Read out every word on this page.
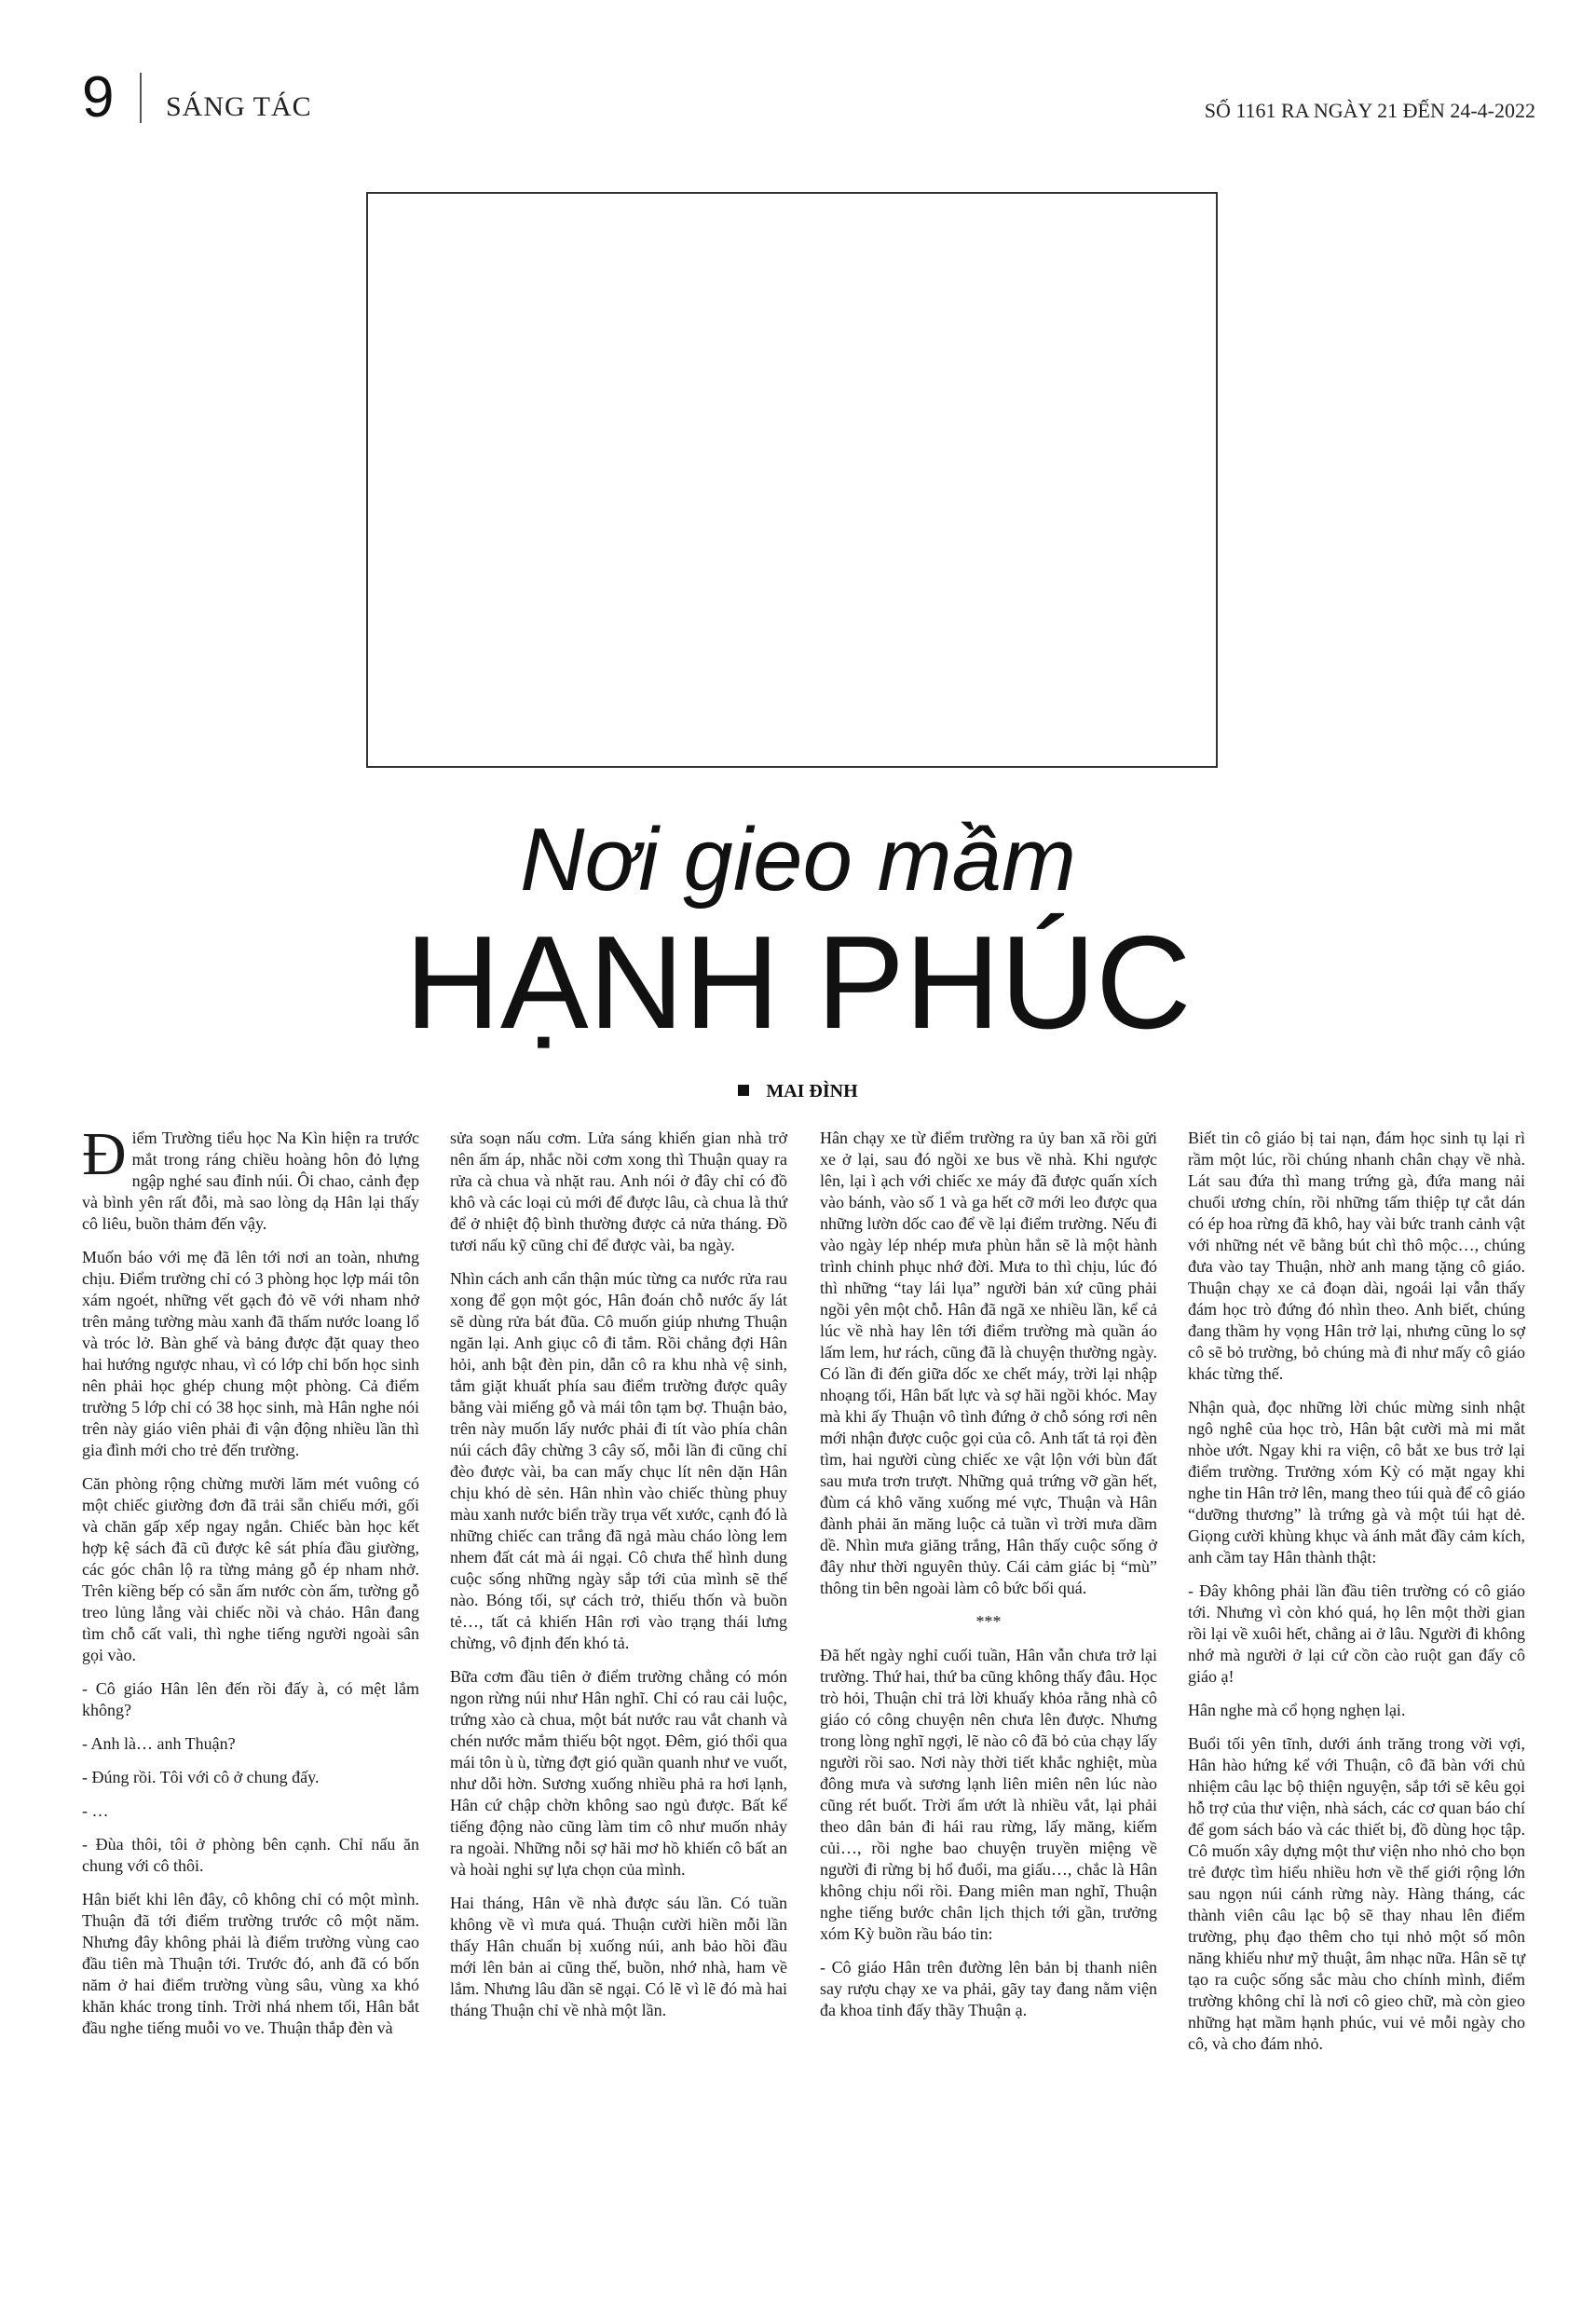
9 SÁNG TÁC	SỐ 1161 RA NGÀY 21 ĐẾN 24-4-2022
Nơi gieo mầm
HẠNH PHÚC
MAI ĐÌNH

Điểm Trường tiểu học Na Kìn hiện ra trước mắt trong ráng chiều hoàng hôn đỏ lựng ngập nghé sau đỉnh núi. Ôi chao, cảnh đẹp và bình yên rất đỗi, mà sao lòng dạ Hân lại thấy cô liêu, buồn thảm đến vậy.

Muốn báo với mẹ đã lên tới nơi an toàn, nhưng chịu. Điểm trường chỉ có 3 phòng học lợp mái tôn xám ngoét, những vết gạch đỏ vẽ với nham nhở trên mảng tường màu xanh đã thấm nước loang lổ và tróc lở. Bàn ghế và bảng được đặt quay theo hai hướng ngược nhau, vì có lớp chỉ bốn học sinh nên phải học ghép chung một phòng. Cả điểm trường 5 lớp chỉ có 38 học sinh, mà Hân nghe nói trên này giáo viên phải đi vận động nhiều lần thì gia đình mới cho trẻ đến trường.

Căn phòng rộng chừng mười lăm mét vuông có một chiếc giường đơn đã trải sẵn chiếu mới, gối và chăn gấp xếp ngay ngắn. Chiếc bàn học kết hợp kệ sách đã cũ được kê sát phía đầu giường, các góc chân lộ ra từng mảng gỗ ép nham nhở. Trên kiềng bếp có sẵn ấm nước còn ấm, tường gỗ treo lủng lẳng vài chiếc nồi và chảo. Hân đang tìm chỗ cất vali, thì nghe tiếng người ngoài sân gọi vào.

- Cô giáo Hân lên đến rồi đấy à, có mệt lắm không?

- Anh là… anh Thuận?

- Đúng rồi. Tôi với cô ở chung đấy.

- …

- Đùa thôi, tôi ở phòng bên cạnh. Chỉ nấu ăn chung với cô thôi.

Hân biết khi lên đây, cô không chỉ có một mình. Thuận đã tới điểm trường trước cô một năm. Nhưng đây không phải là điểm trường vùng cao đầu tiên mà Thuận tới. Trước đó, anh đã có bốn năm ở hai điểm trường vùng sâu, vùng xa khó khăn khác trong tỉnh. Trời nhá nhem tối, Hân bắt đầu nghe tiếng muỗi vo ve. Thuận thắp đèn và

sửa soạn nấu cơm. Lửa sáng khiến gian nhà trở nên ấm áp, nhắc nồi cơm xong thì Thuận quay ra rửa cà chua và nhặt rau. Anh nói ở đây chỉ có đồ khô và các loại củ mới để được lâu, cà chua là thứ để ở nhiệt độ bình thường được cả nửa tháng. Đồ tươi nấu kỹ cũng chỉ để được vài, ba ngày.

Nhìn cách anh cẩn thận múc từng ca nước rửa rau xong để gọn một góc, Hân đoán chỗ nước ấy lát sẽ dùng rửa bát đũa. Cô muốn giúp nhưng Thuận ngăn lại. Anh giục cô đi tắm. Rồi chẳng đợi Hân hỏi, anh bật đèn pin, dẫn cô ra khu nhà vệ sinh, tắm giặt khuất phía sau điểm trường được quây bằng vài miếng gỗ và mái tôn tạm bợ. Thuận bảo, trên này muốn lấy nước phải đi tít vào phía chân núi cách đây chừng 3 cây số, mỗi lần đi cũng chỉ đèo được vài, ba can mấy chục lít nên dặn Hân chịu khó dè sẻn. Hân nhìn vào chiếc thùng phuy màu xanh nước biển trầy trụa vết xước, cạnh đó là những chiếc can trắng đã ngả màu cháo lòng lem nhem đất cát mà ái ngại. Cô chưa thể hình dung cuộc sống những ngày sắp tới của mình sẽ thế nào. Bóng tối, sự cách trở, thiếu thốn và buồn tẻ…, tất cả khiến Hân rơi vào trạng thái lưng chừng, vô định đến khó tả.

Bữa cơm đầu tiên ở điểm trường chẳng có món ngon rừng núi như Hân nghĩ. Chỉ có rau cải luộc, trứng xào cà chua, một bát nước rau vắt chanh và chén nước mắm thiếu bột ngọt. Đêm, gió thổi qua mái tôn ù ù, từng đợt gió quần quanh như ve vuốt, như dỗi hờn. Sương xuống nhiều phả ra hơi lạnh, Hân cứ chập chờn không sao ngủ được. Bất kể tiếng động nào cũng làm tim cô như muốn nhảy ra ngoài. Những nỗi sợ hãi mơ hồ khiến cô bất an và hoài nghi sự lựa chọn của mình.

Hai tháng, Hân về nhà được sáu lần. Có tuần không về vì mưa quá. Thuận cười hiền mỗi lần thấy Hân chuẩn bị xuống núi, anh bảo hồi đầu mới lên bản ai cũng thế, buồn, nhớ nhà, ham về lắm. Nhưng lâu dần sẽ ngại. Có lẽ vì lẽ đó mà hai tháng Thuận chỉ về nhà một lần.

Hân chạy xe từ điểm trường ra ủy ban xã rồi gửi xe ở lại, sau đó ngồi xe bus về nhà. Khi ngược lên, lại ì ạch với chiếc xe máy đã được quấn xích vào bánh, vào số 1 và ga hết cỡ mới leo được qua những lườn dốc cao để về lại điểm trường. Nếu đi vào ngày lép nhép mưa phùn hẳn sẽ là một hành trình chinh phục nhớ đời. Mưa to thì chịu, lúc đó thì những “tay lái lụa” người bản xứ cũng phải ngồi yên một chỗ. Hân đã ngã xe nhiều lần, kể cả lúc về nhà hay lên tới điểm trường mà quần áo lấm lem, hư rách, cũng đã là chuyện thường ngày. Có lần đi đến giữa dốc xe chết máy, trời lại nhập nhoạng tối, Hân bất lực và sợ hãi ngồi khóc. May mà khi ấy Thuận vô tình đứng ở chỗ sóng rơi nên mới nhận được cuộc gọi của cô. Anh tất tả rọi đèn tìm, hai người cùng chiếc xe vật lộn với bùn đất sau mưa trơn trượt. Những quả trứng vỡ gần hết, đùm cá khô văng xuống mé vực, Thuận và Hân đành phải ăn măng luộc cả tuần vì trời mưa dầm dề. Nhìn mưa giăng trắng, Hân thấy cuộc sống ở đây như thời nguyên thủy. Cái cảm giác bị “mù” thông tin bên ngoài làm cô bức bối quá.

***

Đã hết ngày nghỉ cuối tuần, Hân vẫn chưa trở lại trường. Thứ hai, thứ ba cũng không thấy đâu. Học trò hỏi, Thuận chỉ trả lời khuấy khỏa rằng nhà cô giáo có công chuyện nên chưa lên được. Nhưng trong lòng nghĩ ngợi, lẽ nào cô đã bỏ của chạy lấy người rồi sao. Nơi này thời tiết khắc nghiệt, mùa đông mưa và sương lạnh liên miên nên lúc nào cũng rét buốt. Trời ẩm ướt là nhiều vắt, lại phải theo dân bản đi hái rau rừng, lấy măng, kiếm củi…, rồi nghe bao chuyện truyền miệng về người đi rừng bị hổ đuổi, ma giấu…, chắc là Hân không chịu nổi rồi. Đang miên man nghĩ, Thuận nghe tiếng bước chân lịch thịch tới gần, trưởng xóm Kỳ buồn rầu báo tin:

- Cô giáo Hân trên đường lên bản bị thanh niên say rượu chạy xe va phải, gãy tay đang nằm viện đa khoa tỉnh đấy thầy Thuận ạ.

Biết tin cô giáo bị tai nạn, đám học sinh tụ lại rì rầm một lúc, rồi chúng nhanh chân chạy về nhà. Lát sau đứa thì mang trứng gà, đứa mang nải chuối ương chín, rồi những tấm thiệp tự cắt dán có ép hoa rừng đã khô, hay vài bức tranh cảnh vật với những nét vẽ bằng bút chì thô mộc…, chúng đưa vào tay Thuận, nhờ anh mang tặng cô giáo. Thuận chạy xe cả đoạn dài, ngoái lại vẫn thấy đám học trò đứng đó nhìn theo. Anh biết, chúng đang thầm hy vọng Hân trở lại, nhưng cũng lo sợ cô sẽ bỏ trường, bỏ chúng mà đi như mấy cô giáo khác từng thế.

Nhận quà, đọc những lời chúc mừng sinh nhật ngô nghê của học trò, Hân bật cười mà mi mắt nhòe ướt. Ngay khi ra viện, cô bắt xe bus trở lại điểm trường. Trưởng xóm Kỳ có mặt ngay khi nghe tin Hân trở lên, mang theo túi quà để cô giáo “dưỡng thương” là trứng gà và một túi hạt dẻ. Giọng cười khùng khục và ánh mắt đầy cảm kích, anh cầm tay Hân thành thật:

- Đây không phải lần đầu tiên trường có cô giáo tới. Nhưng vì còn khó quá, họ lên một thời gian rồi lại về xuôi hết, chẳng ai ở lâu. Người đi không nhớ mà người ở lại cứ cồn cào ruột gan đấy cô giáo ạ!

Hân nghe mà cổ họng nghẹn lại.

Buổi tối yên tĩnh, dưới ánh trăng trong vời vợi, Hân hào hứng kể với Thuận, cô đã bàn với chủ nhiệm câu lạc bộ thiện nguyện, sắp tới sẽ kêu gọi hỗ trợ của thư viện, nhà sách, các cơ quan báo chí để gom sách báo và các thiết bị, đồ dùng học tập. Cô muốn xây dựng một thư viện nho nhỏ cho bọn trẻ được tìm hiểu nhiều hơn về thế giới rộng lớn sau ngọn núi cánh rừng này. Hàng tháng, các thành viên câu lạc bộ sẽ thay nhau lên điểm trường, phụ đạo thêm cho tụi nhỏ một số môn năng khiếu như mỹ thuật, âm nhạc nữa. Hân sẽ tự tạo ra cuộc sống sắc màu cho chính mình, điểm trường không chỉ là nơi cô gieo chữ, mà còn gieo những hạt mầm hạnh phúc, vui vẻ mỗi ngày cho cô, và cho đám nhỏ.
